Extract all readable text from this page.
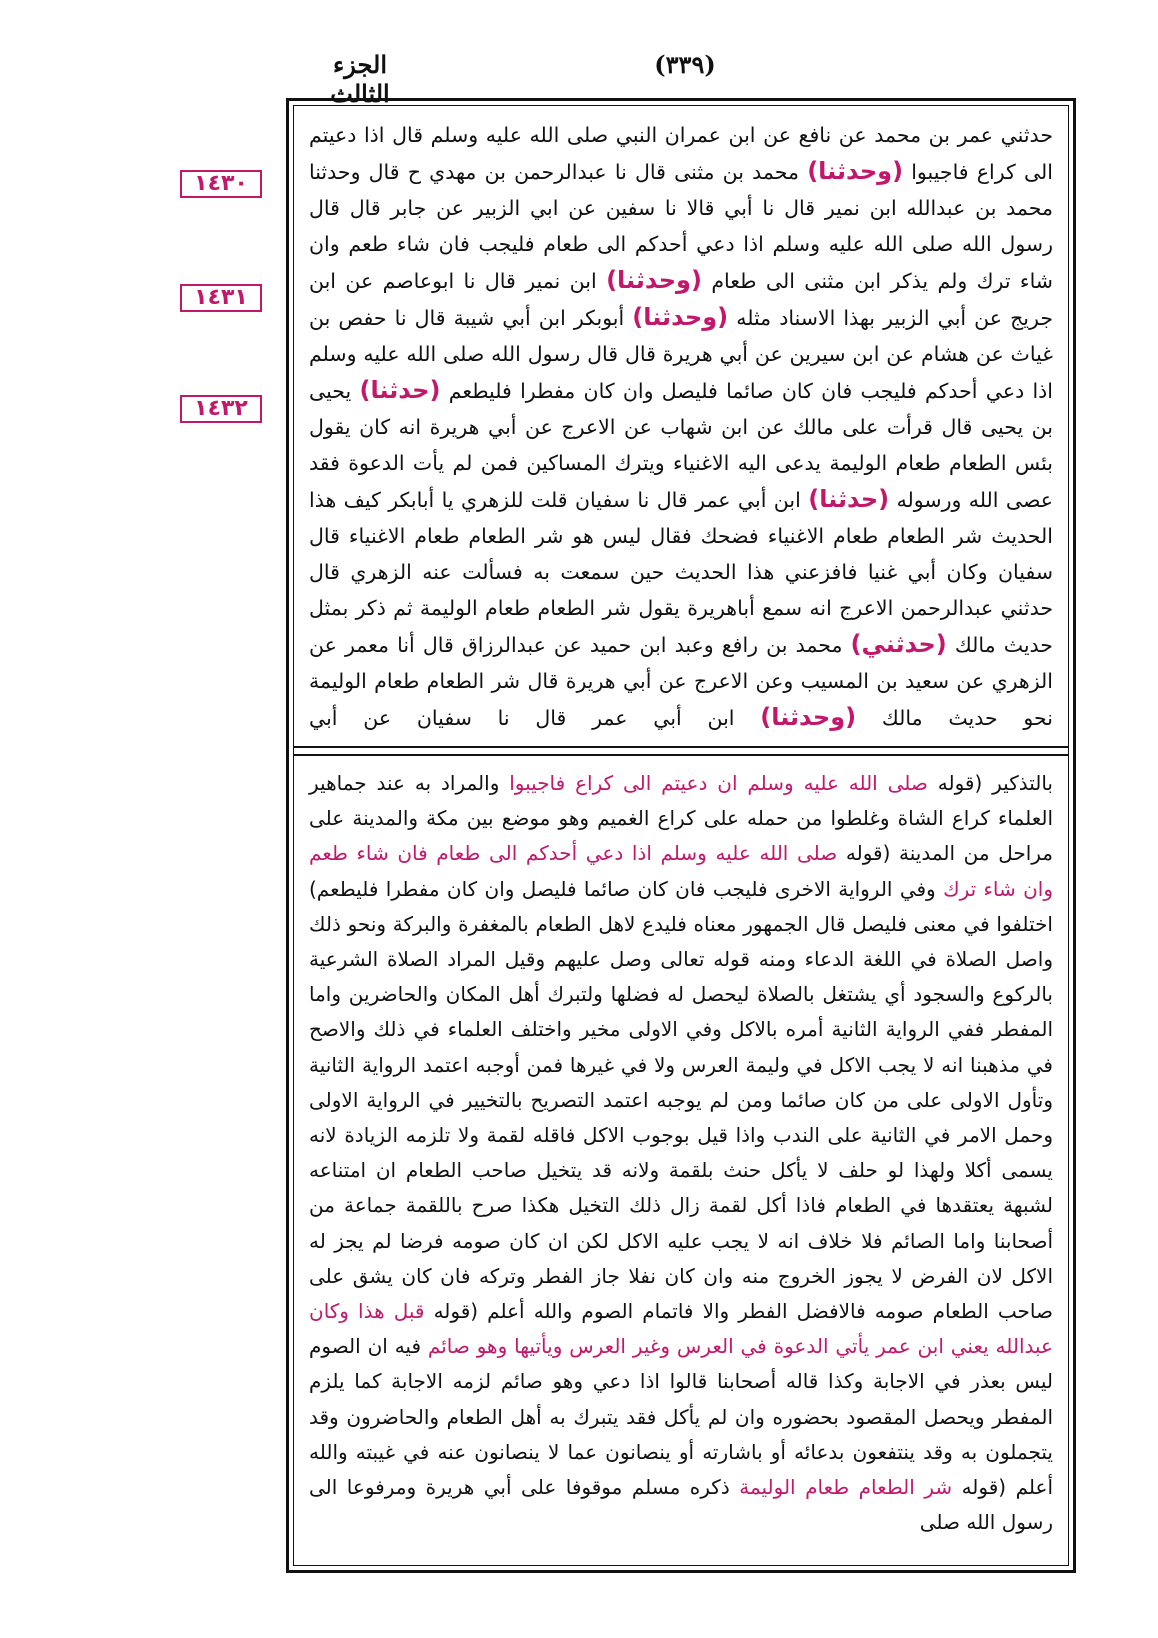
الجزء الثالث
(٣٣٩)
١٤٣٠
١٤٣١
١٤٣٢
حدثني عمر بن محمد عن نافع عن ابن عمران النبي صلى الله عليه وسلم قال اذا دعيتم الى كراع فاجيبوا (وحدثنا) محمد بن مثنى قال نا عبدالرحمن بن مهدي ح قال وحدثنا محمد بن عبدالله ابن نمير قال نا أبي قالا نا سفين عن ابي الزبير عن جابر قال قال رسول الله صلى الله عليه وسلم اذا دعي أحدكم الى طعام فليجب فان شاء طعم وان شاء ترك ولم يذكر ابن مثنى الى طعام (وحدثنا) ابن نمير قال نا ابوعاصم عن ابن جريج عن أبي الزبير بهذا الاسناد مثله (وحدثنا) أبوبكر ابن أبي شيبة قال نا حفص بن غياث عن هشام عن ابن سيرين عن أبي هريرة قال قال رسول الله صلى الله عليه وسلم اذا دعي أحدكم فليجب فان كان صائما فليصل وان كان مفطرا فليطعم (حدثنا) يحيى بن يحيى قال قرأت على مالك عن ابن شهاب عن الاعرج عن أبي هريرة انه كان يقول بئس الطعام طعام الوليمة يدعى اليه الاغنياء ويترك المساكين فمن لم يأت الدعوة فقد عصى الله ورسوله (حدثنا) ابن أبي عمر قال نا سفيان قلت للزهري يا أبابكر كيف هذا الحديث شر الطعام طعام الاغنياء فضحك فقال ليس هو شر الطعام طعام الاغنياء قال سفيان وكان أبي غنيا فافزعني هذا الحديث حين سمعت به فسألت عنه الزهري قال حدثني عبدالرحمن الاعرج انه سمع أباهريرة يقول شر الطعام طعام الوليمة ثم ذكر بمثل حديث مالك (حدثني) محمد بن رافع وعبد ابن حميد عن عبدالرزاق قال أنا معمر عن الزهري عن سعيد بن المسيب وعن الاعرج عن أبي هريرة قال شر الطعام طعام الوليمة نحو حديث مالك (وحدثنا) ابن أبي عمر قال نا سفيان عن أبي

بالتذكير (قوله صلى الله عليه وسلم ان دعيتم الى كراع فاجيبوا والمراد به عند جماهير العلماء كراع الشاة وغلطوا من حمله على كراع الغميم وهو موضع بين مكة والمدينة على مراحل من المدينة (قوله صلى الله عليه وسلم اذا دعي أحدكم الى طعام فان شاء طعم وان شاء ترك وفي الرواية الاخرى فليجب فان كان صائما فليصل وان كان مفطرا فليطعم) اختلفوا في معنى فليصل قال الجمهور معناه فليدع لاهل الطعام بالمغفرة والبركة ونحو ذلك واصل الصلاة في اللغة الدعاء ومنه قوله تعالى وصل عليهم وقيل المراد الصلاة الشرعية بالركوع والسجود أي يشتغل بالصلاة ليحصل له فضلها ولتبرك أهل المكان والحاضرين واما المفطر ففي الرواية الثانية أمره بالاكل وفي الاولى مخير واختلف العلماء في ذلك والاصح في مذهبنا انه لا يجب الاكل في وليمة العرس ولا في غيرها فمن أوجبه اعتمد الرواية الثانية وتأول الاولى على من كان صائما ومن لم يوجبه اعتمد التصريح بالتخيير في الرواية الاولى وحمل الامر في الثانية على الندب واذا قيل بوجوب الاكل فاقله لقمة ولا تلزمه الزيادة لانه يسمى أكلا ولهذا لو حلف لا يأكل حنث بلقمة ولانه قد يتخيل صاحب الطعام ان امتناعه لشبهة يعتقدها في الطعام فاذا أكل لقمة زال ذلك التخيل هكذا صرح باللقمة جماعة من أصحابنا واما الصائم فلا خلاف انه لا يجب عليه الاكل لكن ان كان صومه فرضا لم يجز له الاكل لان الفرض لا يجوز الخروج منه وان كان نفلا جاز الفطر وتركه فان كان يشق على صاحب الطعام صومه فالافضل الفطر والا فاتمام الصوم والله أعلم (قوله قبل هذا وكان عبدالله يعني ابن عمر يأتي الدعوة في العرس وغير العرس ويأتيها وهو صائم فيه ان الصوم ليس بعذر في الاجابة وكذا قاله أصحابنا قالوا اذا دعي وهو صائم لزمه الاجابة كما يلزم المفطر ويحصل المقصود بحضوره وان لم يأكل فقد يتبرك به أهل الطعام والحاضرون وقد يتجملون به وقد ينتفعون بدعائه أو باشارته أو ينصانون عما لا ينصانون عنه في غيبته والله أعلم (قوله شر الطعام طعام الوليمة ذكره مسلم موقوفا على أبي هريرة ومرفوعا الى رسول الله صلى
